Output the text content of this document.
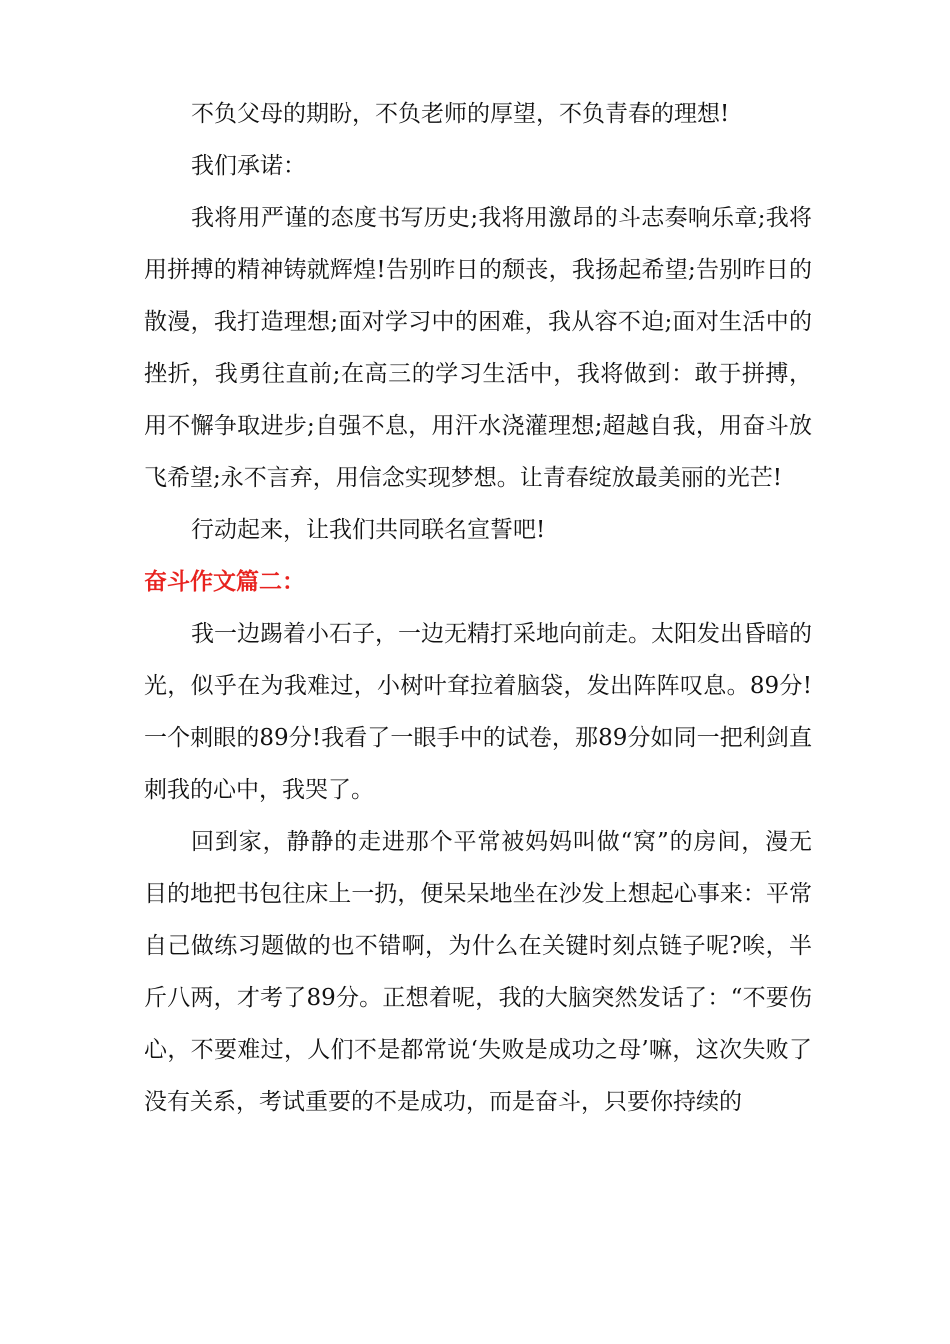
不负父母的期盼，不负老师的厚望，不负青春的理想!

我们承诺：

我将用严谨的态度书写历史;我将用激昂的斗志奏响乐章;我将用拼搏的精神铸就辉煌!告别昨日的颓丧，我扬起希望;告别昨日的散漫，我打造理想;面对学习中的困难，我从容不迫;面对生活中的挫折，我勇往直前;在高三的学习生活中，我将做到：敢于拼搏，用不懈争取进步;自强不息，用汗水浇灌理想;超越自我，用奋斗放飞希望;永不言弃，用信念实现梦想。让青春绽放最美丽的光芒!

行动起来，让我们共同联名宣誓吧!

奋斗作文篇二：

我一边踢着小石子，一边无精打采地向前走。太阳发出昏暗的光，似乎在为我难过，小树叶耷拉着脑袋，发出阵阵叹息。89分!一个刺眼的89分!我看了一眼手中的试卷，那89分如同一把利剑直刺我的心中，我哭了。

回到家，静静的走进那个平常被妈妈叫做“窝”的房间，漫无目的地把书包往床上一扔，便呆呆地坐在沙发上想起心事来：平常自己做练习题做的也不错啊，为什么在关键时刻点链子呢?唉，半斤八两，才考了89分。正想着呢，我的大脑突然发话了：“不要伤心，不要难过，人们不是都常说‘失败是成功之母’嘛，这次失败了没有关系，考试重要的不是成功，而是奋斗，只要你持续的
